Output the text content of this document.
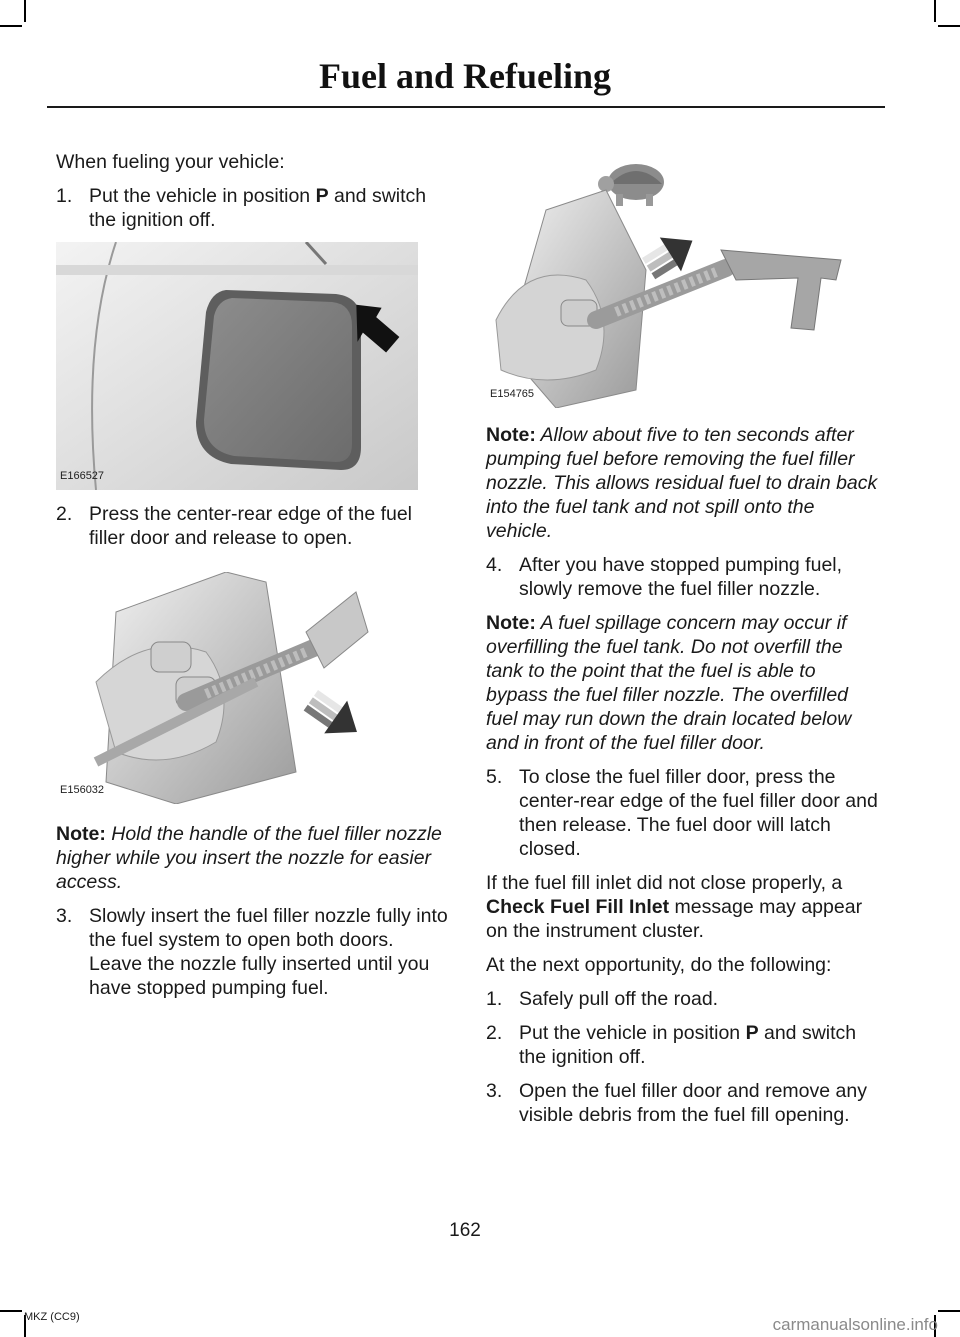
Fuel and Refueling

When fueling your vehicle:

1. Put the vehicle in position P and switch the ignition off.
E166527
2. Press the center-rear edge of the fuel filler door and release to open.
E156032

Note: Hold the handle of the fuel filler nozzle higher while you insert the nozzle for easier access.

3. Slowly insert the fuel filler nozzle fully into the fuel system to open both doors. Leave the nozzle fully inserted until you have stopped pumping fuel.
E154765

Note: Allow about five to ten seconds after pumping fuel before removing the fuel filler nozzle. This allows residual fuel to drain back into the fuel tank and not spill onto the vehicle.

4. After you have stopped pumping fuel, slowly remove the fuel filler nozzle.

Note: A fuel spillage concern may occur if overfilling the fuel tank. Do not overfill the tank to the point that the fuel is able to bypass the fuel filler nozzle. The overfilled fuel may run down the drain located below and in front of the fuel filler door.

5. To close the fuel filler door, press the center-rear edge of the fuel filler door and then release. The fuel door will latch closed.

If the fuel fill inlet did not close properly, a Check Fuel Fill Inlet message may appear on the instrument cluster.

At the next opportunity, do the following:

1. Safely pull off the road.
2. Put the vehicle in position P and switch the ignition off.
3. Open the fuel filler door and remove any visible debris from the fuel fill opening.
162
MKZ (CC9)	carmanualsonline.info
